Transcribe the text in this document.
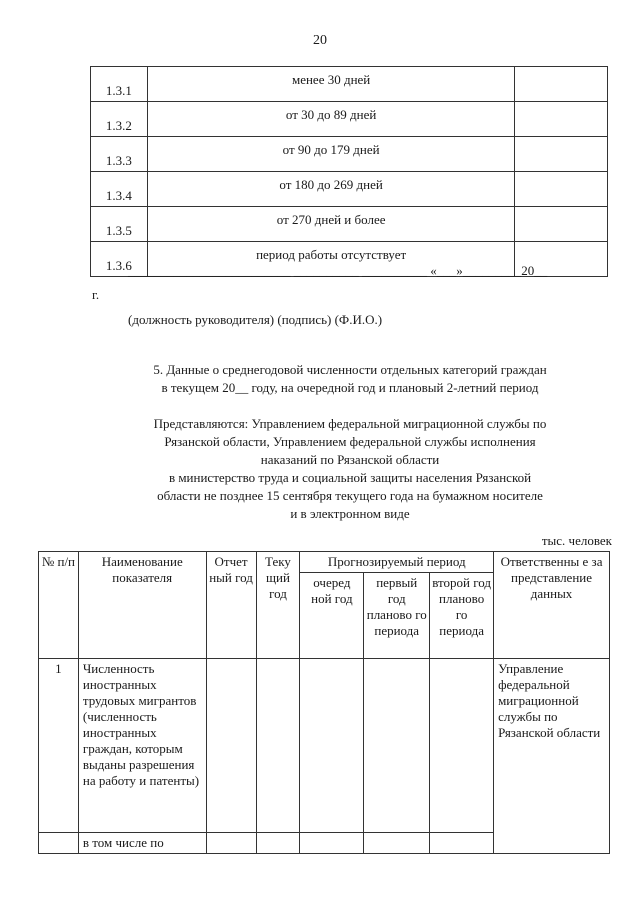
20
1.3.1	менее 30 дней	
1.3.2	от 30 до 89 дней	
1.3.3	от 90 до 179 дней	
1.3.4	от 180 до 269 дней	
1.3.5	от 270 дней и более	
1.3.6	период работы отсутствует	
_________________________ __________ __________ «___»_________20__
г.
(должность руководителя) (подпись) (Ф.И.О.)
5. Данные о среднегодовой численности отдельных категорий граждан
в текущем 20__ году, на очередной год и плановый 2-летний период
Представляются: Управлением федеральной миграционной службы по
Рязанской области, Управлением федеральной службы исполнения
наказаний по Рязанской области
в министерство труда и социальной защиты населения Рязанской
области не позднее 15 сентября текущего года на бумажном носителе
и в электронном виде
тыс. человек
№ п/п	Наименование показателя	Отчет ный год	Теку щий год	Прогнозируемый период			Ответственны е за представление данных
				очеред ной год	первый год планово го периода	второй год планово го периода	
1	Численность иностранных трудовых мигрантов (численность иностранных граждан, которым выданы разрешения на работу и патенты)						Управление федеральной миграционной службы по Рязанской области
	в том числе по						
